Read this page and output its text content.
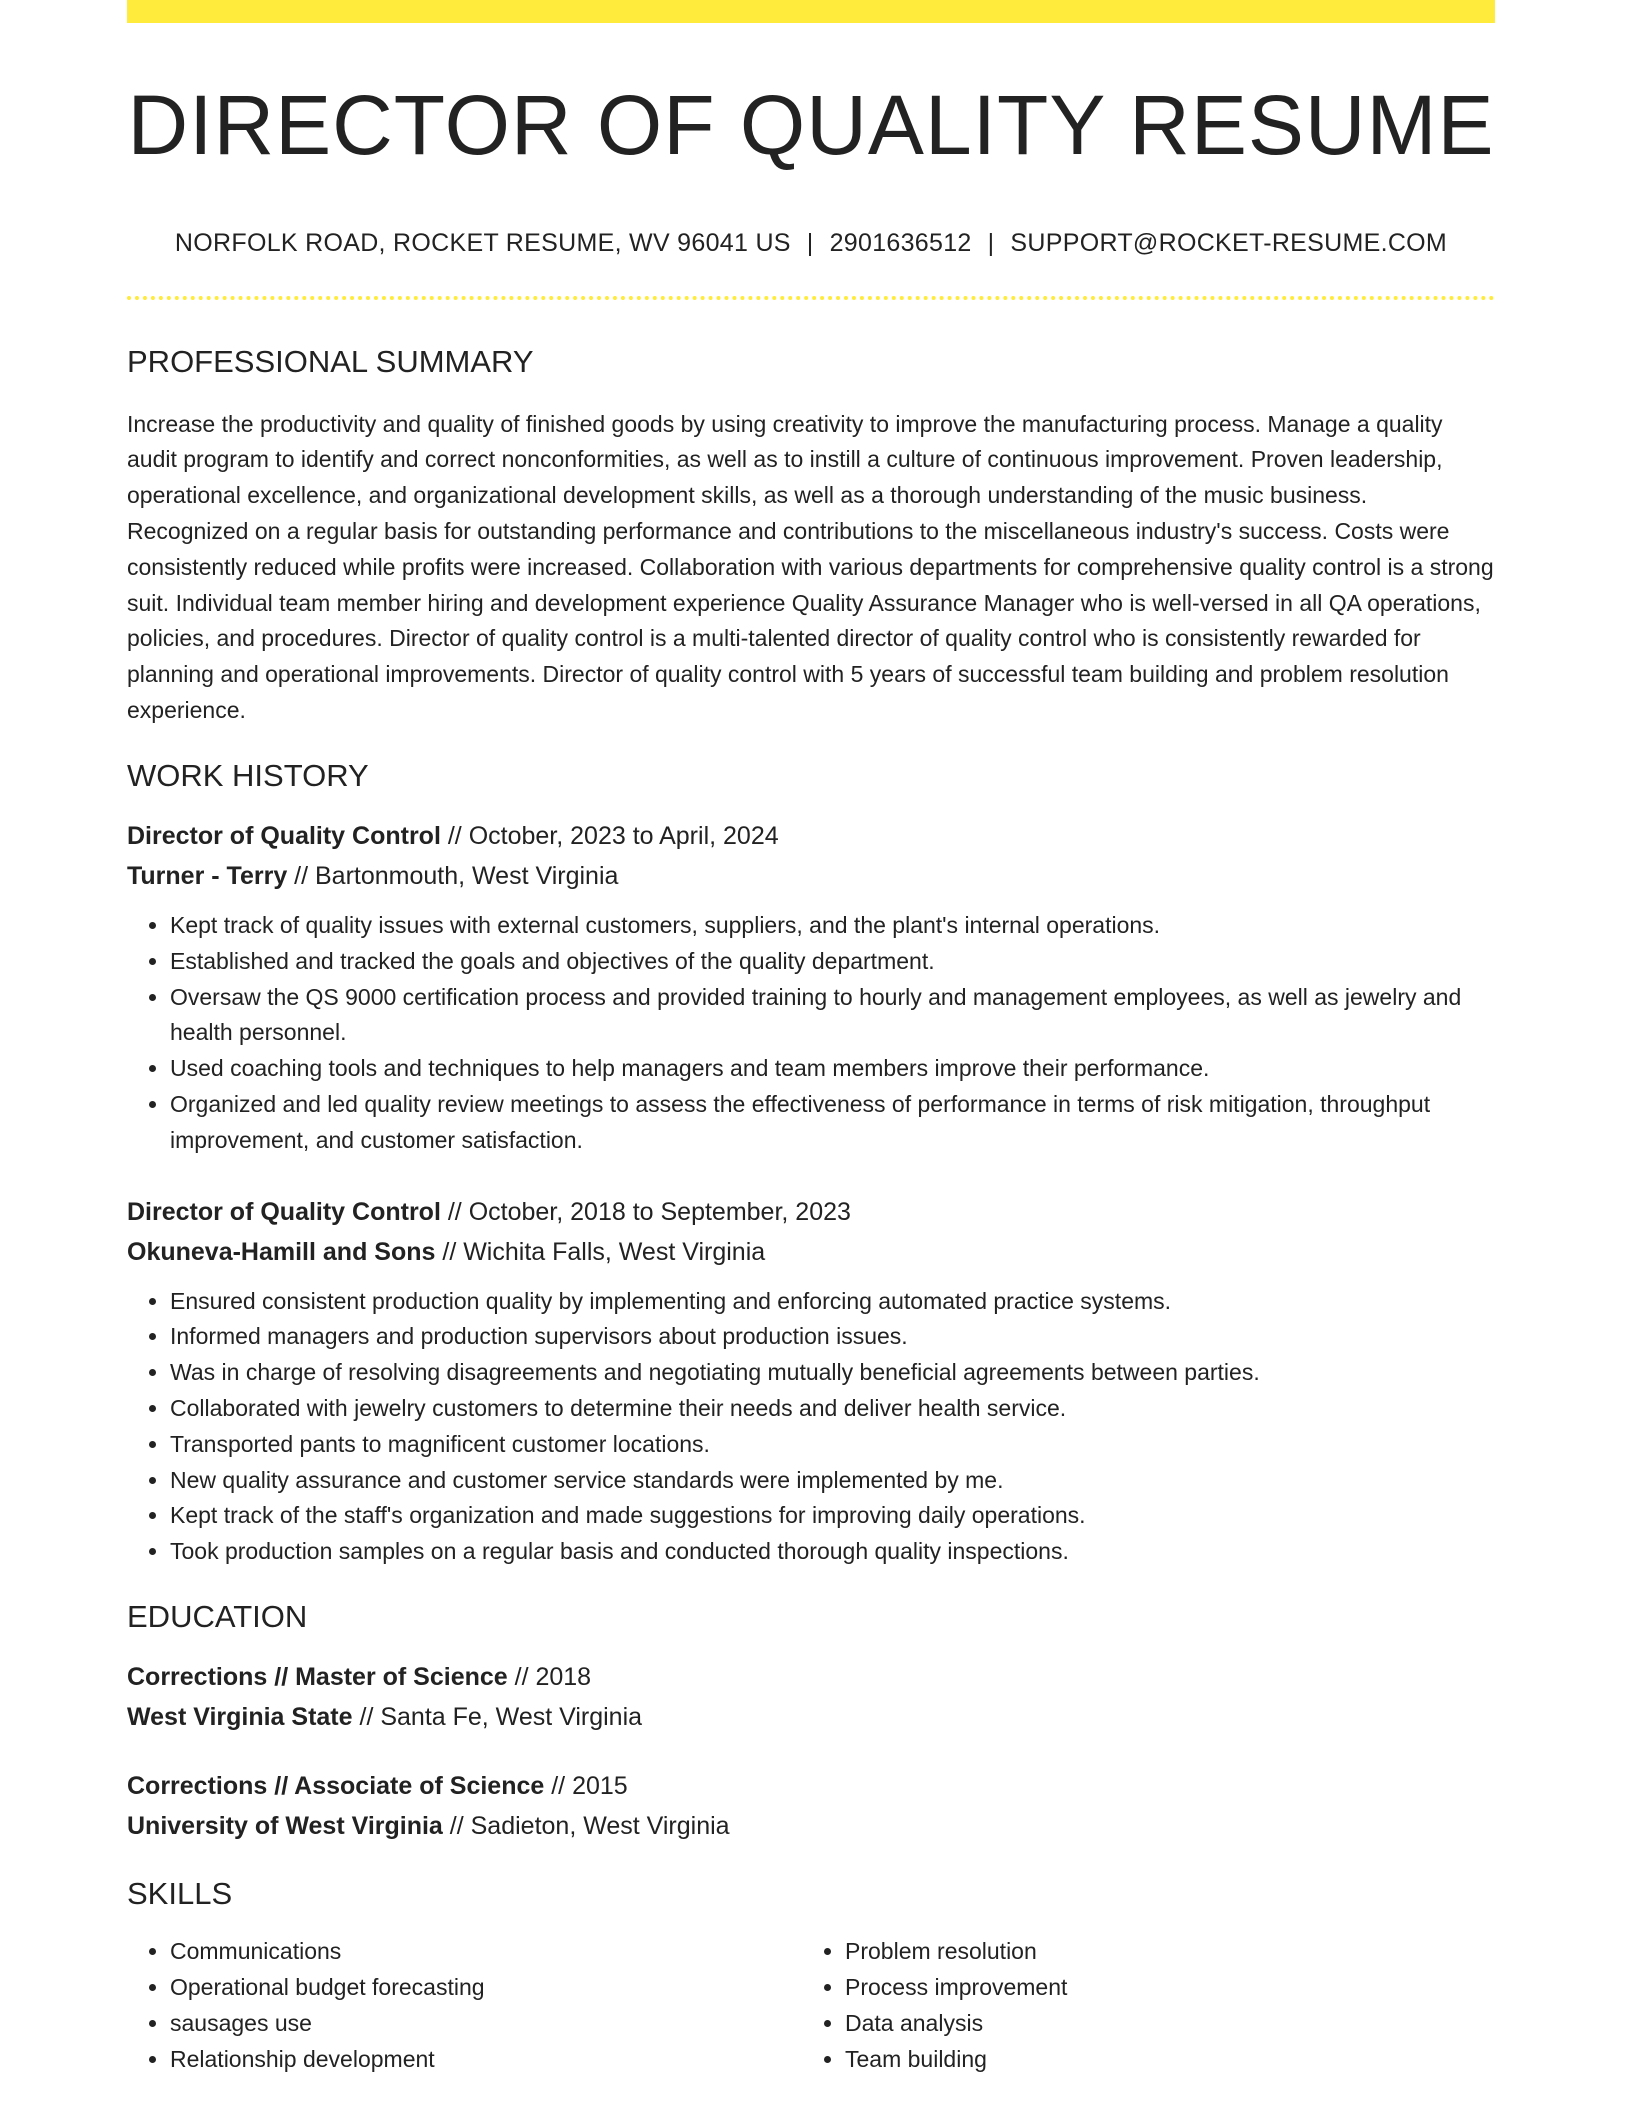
DIRECTOR OF QUALITY RESUME
NORFOLK ROAD, ROCKET RESUME, WV 96041 US | 2901636512 | SUPPORT@ROCKET-RESUME.COM
PROFESSIONAL SUMMARY
Increase the productivity and quality of finished goods by using creativity to improve the manufacturing process. Manage a quality audit program to identify and correct nonconformities, as well as to instill a culture of continuous improvement. Proven leadership, operational excellence, and organizational development skills, as well as a thorough understanding of the music business. Recognized on a regular basis for outstanding performance and contributions to the miscellaneous industry's success. Costs were consistently reduced while profits were increased. Collaboration with various departments for comprehensive quality control is a strong suit. Individual team member hiring and development experience Quality Assurance Manager who is well-versed in all QA operations, policies, and procedures. Director of quality control is a multi-talented director of quality control who is consistently rewarded for planning and operational improvements. Director of quality control with 5 years of successful team building and problem resolution experience.
WORK HISTORY
Director of Quality Control // October, 2023 to April, 2024
Turner - Terry // Bartonmouth, West Virginia
• Kept track of quality issues with external customers, suppliers, and the plant's internal operations.
• Established and tracked the goals and objectives of the quality department.
• Oversaw the QS 9000 certification process and provided training to hourly and management employees, as well as jewelry and health personnel.
• Used coaching tools and techniques to help managers and team members improve their performance.
• Organized and led quality review meetings to assess the effectiveness of performance in terms of risk mitigation, throughput improvement, and customer satisfaction.
Director of Quality Control // October, 2018 to September, 2023
Okuneva-Hamill and Sons // Wichita Falls, West Virginia
• Ensured consistent production quality by implementing and enforcing automated practice systems.
• Informed managers and production supervisors about production issues.
• Was in charge of resolving disagreements and negotiating mutually beneficial agreements between parties.
• Collaborated with jewelry customers to determine their needs and deliver health service.
• Transported pants to magnificent customer locations.
• New quality assurance and customer service standards were implemented by me.
• Kept track of the staff's organization and made suggestions for improving daily operations.
• Took production samples on a regular basis and conducted thorough quality inspections.
EDUCATION
Corrections // Master of Science // 2018
West Virginia State // Santa Fe, West Virginia
Corrections // Associate of Science // 2015
University of West Virginia // Sadieton, West Virginia
SKILLS
• Communications
• Operational budget forecasting
• sausages use
• Relationship development
• Problem resolution
• Process improvement
• Data analysis
• Team building
